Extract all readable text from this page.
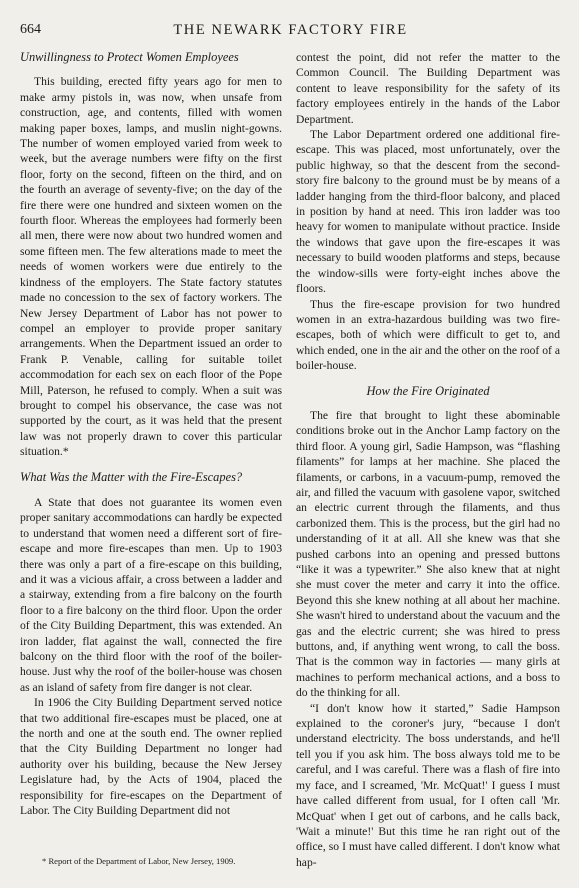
664	THE NEWARK FACTORY FIRE
Unwillingness to Protect Women Employees

This building, erected fifty years ago for men to make army pistols in, was now, when unsafe from construction, age, and contents, filled with women making paper boxes, lamps, and muslin night-gowns. The number of women employed varied from week to week, but the average numbers were fifty on the first floor, forty on the second, fifteen on the third, and on the fourth an average of seventy-five; on the day of the fire there were one hundred and sixteen women on the fourth floor. Whereas the employees had formerly been all men, there were now about two hundred women and some fifteen men. The few alterations made to meet the needs of women workers were due entirely to the kindness of the employers. The State factory statutes made no concession to the sex of factory workers. The New Jersey Department of Labor has not power to compel an employer to provide proper sanitary arrangements. When the Department issued an order to Frank P. Venable, calling for suitable toilet accommodation for each sex on each floor of the Pope Mill, Paterson, he refused to comply. When a suit was brought to compel his observance, the case was not supported by the court, as it was held that the present law was not properly drawn to cover this particular situation.*

What Was the Matter with the Fire-Escapes?

A State that does not guarantee its women even proper sanitary accommodations can hardly be expected to understand that women need a different sort of fire-escape and more fire-escapes than men. Up to 1903 there was only a part of a fire-escape on this building, and it was a vicious affair, a cross between a ladder and a stairway, extending from a fire balcony on the fourth floor to a fire balcony on the third floor. Upon the order of the City Building Department, this was extended. An iron ladder, flat against the wall, connected the fire balcony on the third floor with the roof of the boiler-house. Just why the roof of the boiler-house was chosen as an island of safety from fire danger is not clear.

In 1906 the City Building Department served notice that two additional fire-escapes must be placed, one at the north and one at the south end. The owner replied that the City Building Department no longer had authority over his building, because the New Jersey Legislature had, by the Acts of 1904, placed the responsibility for fire-escapes on the Department of Labor. The City Building Department did not

contest the point, did not refer the matter to the Common Council. The Building Department was content to leave responsibility for the safety of its factory employees entirely in the hands of the Labor Department.

The Labor Department ordered one additional fire-escape. This was placed, most unfortunately, over the public highway, so that the descent from the second-story fire balcony to the ground must be by means of a ladder hanging from the third-floor balcony, and placed in position by hand at need. This iron ladder was too heavy for women to manipulate without practice. Inside the windows that gave upon the fire-escapes it was necessary to build wooden platforms and steps, because the window-sills were forty-eight inches above the floors.

Thus the fire-escape provision for two hundred women in an extra-hazardous building was two fire-escapes, both of which were difficult to get to, and which ended, one in the air and the other on the roof of a boiler-house.

How the Fire Originated

The fire that brought to light these abominable conditions broke out in the Anchor Lamp factory on the third floor. A young girl, Sadie Hampson, was “flashing filaments” for lamps at her machine. She placed the filaments, or carbons, in a vacuum-pump, removed the air, and filled the vacuum with gasolene vapor, switched an electric current through the filaments, and thus carbonized them. This is the process, but the girl had no understanding of it at all. All she knew was that she pushed carbons into an opening and pressed buttons “like it was a typewriter.” She also knew that at night she must cover the meter and carry it into the office. Beyond this she knew nothing at all about her machine. She wasn't hired to understand about the vacuum and the gas and the electric current; she was hired to press buttons, and, if anything went wrong, to call the boss. That is the common way in factories — many girls at machines to perform mechanical actions, and a boss to do the thinking for all.

“I don't know how it started,” Sadie Hampson explained to the coroner's jury, “because I don't understand electricity. The boss understands, and he'll tell you if you ask him. The boss always told me to be careful, and I was careful. There was a flash of fire into my face, and I screamed, 'Mr. McQuat!' I guess I must have called different from usual, for I often call 'Mr. McQuat' when I get out of carbons, and he calls back, 'Wait a minute!' But this time he ran right out of the office, so I must have called different. I don't know what hap-

* Report of the Department of Labor, New Jersey, 1909.
